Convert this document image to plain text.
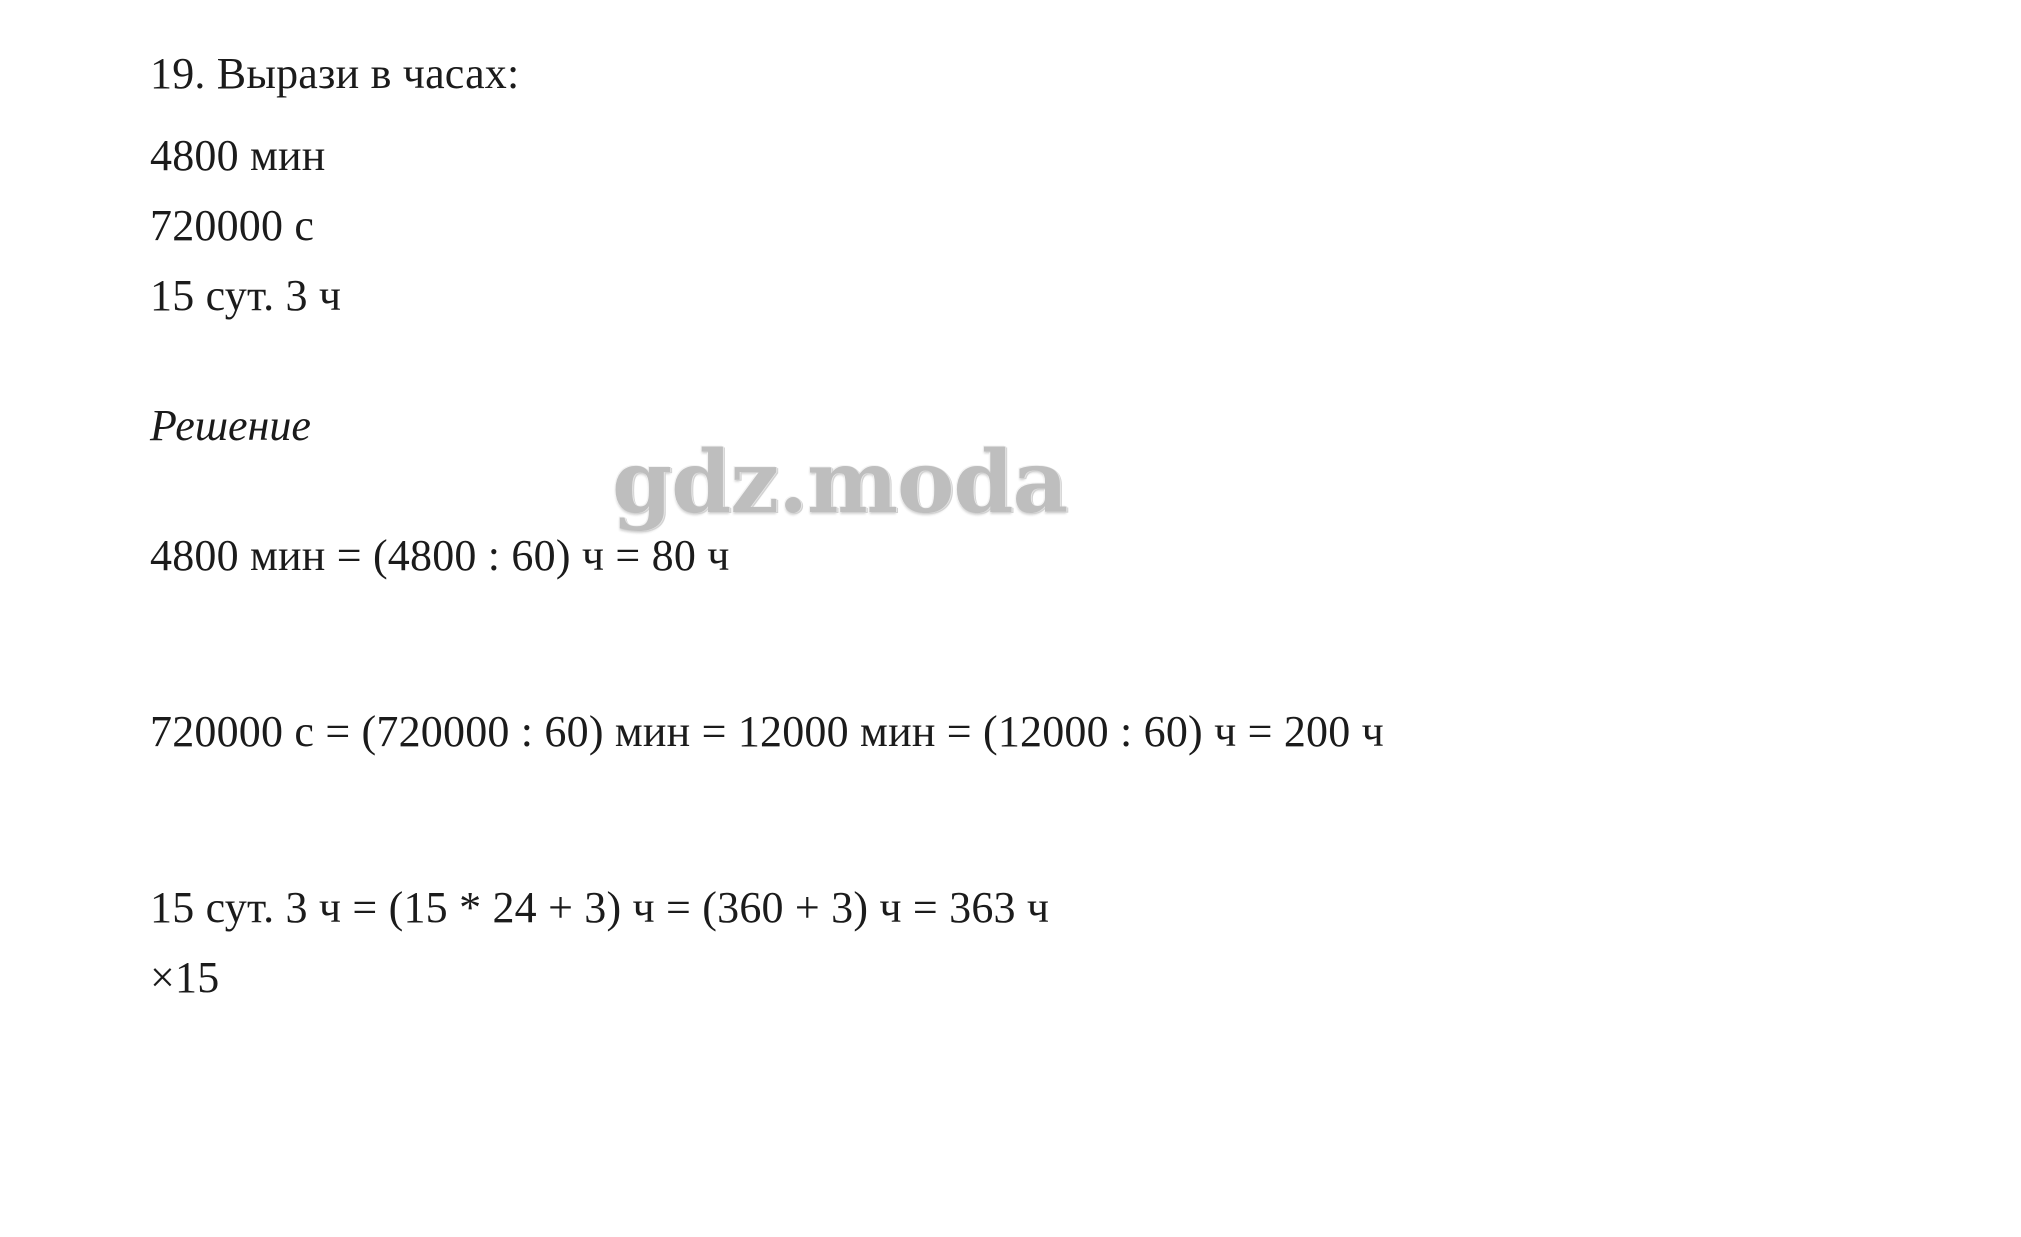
19. Вырази в часах:
4800 мин
720000 с
15 сут. 3 ч
Решение
4800 мин = (4800 : 60) ч = 80 ч
720000 с = (720000 : 60) мин = 12000 мин = (12000 : 60) ч = 200 ч
15 сут. 3 ч = (15 * 24 + 3) ч = (360 + 3) ч = 363 ч
×15
gdz.moda
